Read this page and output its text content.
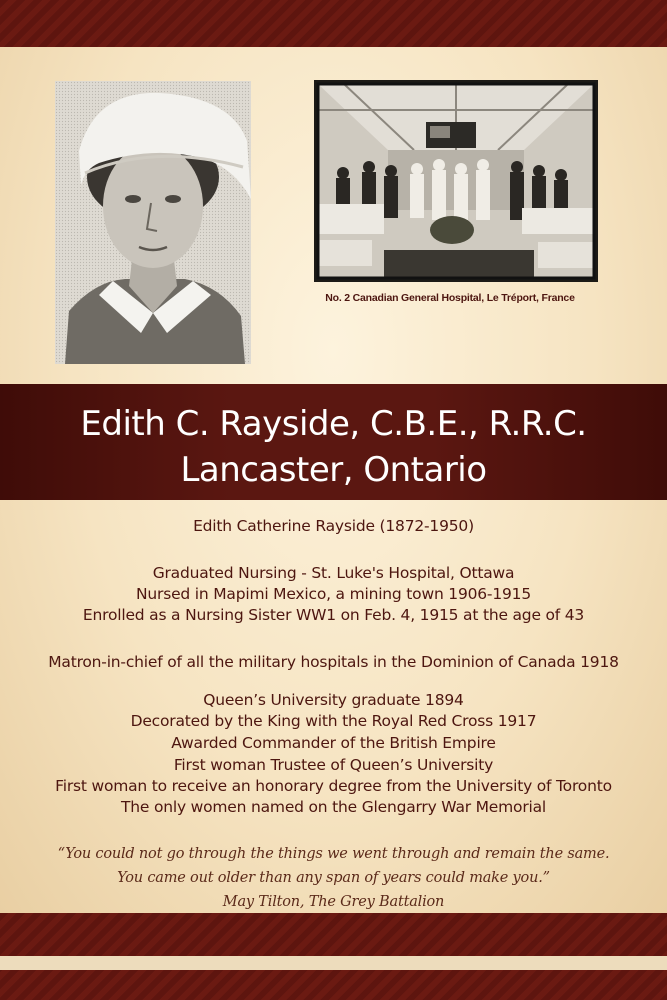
No. 2 Canadian General Hospital, Le Tréport, France
Edith C. Rayside, C.B.E., R.R.C.
Lancaster, Ontario
Edith Catherine Rayside (1872-1950)
Graduated Nursing - St. Luke's Hospital, Ottawa
Nursed in Mapimi Mexico, a mining town 1906-1915
Enrolled as a Nursing Sister WW1 on Feb. 4, 1915 at the age of 43
Matron-in-chief of all the military hospitals in the Dominion of Canada 1918
Queen’s University graduate 1894
Decorated by the King with the Royal Red Cross 1917
Awarded Commander of the British Empire
First woman Trustee of Queen’s University
First woman to receive an honorary degree from the University of Toronto
The only women named on the Glengarry War Memorial
“You could not go through the things we went through and remain the same.
You came out older than any span of years could make you.”
May Tilton, The Grey Battalion
